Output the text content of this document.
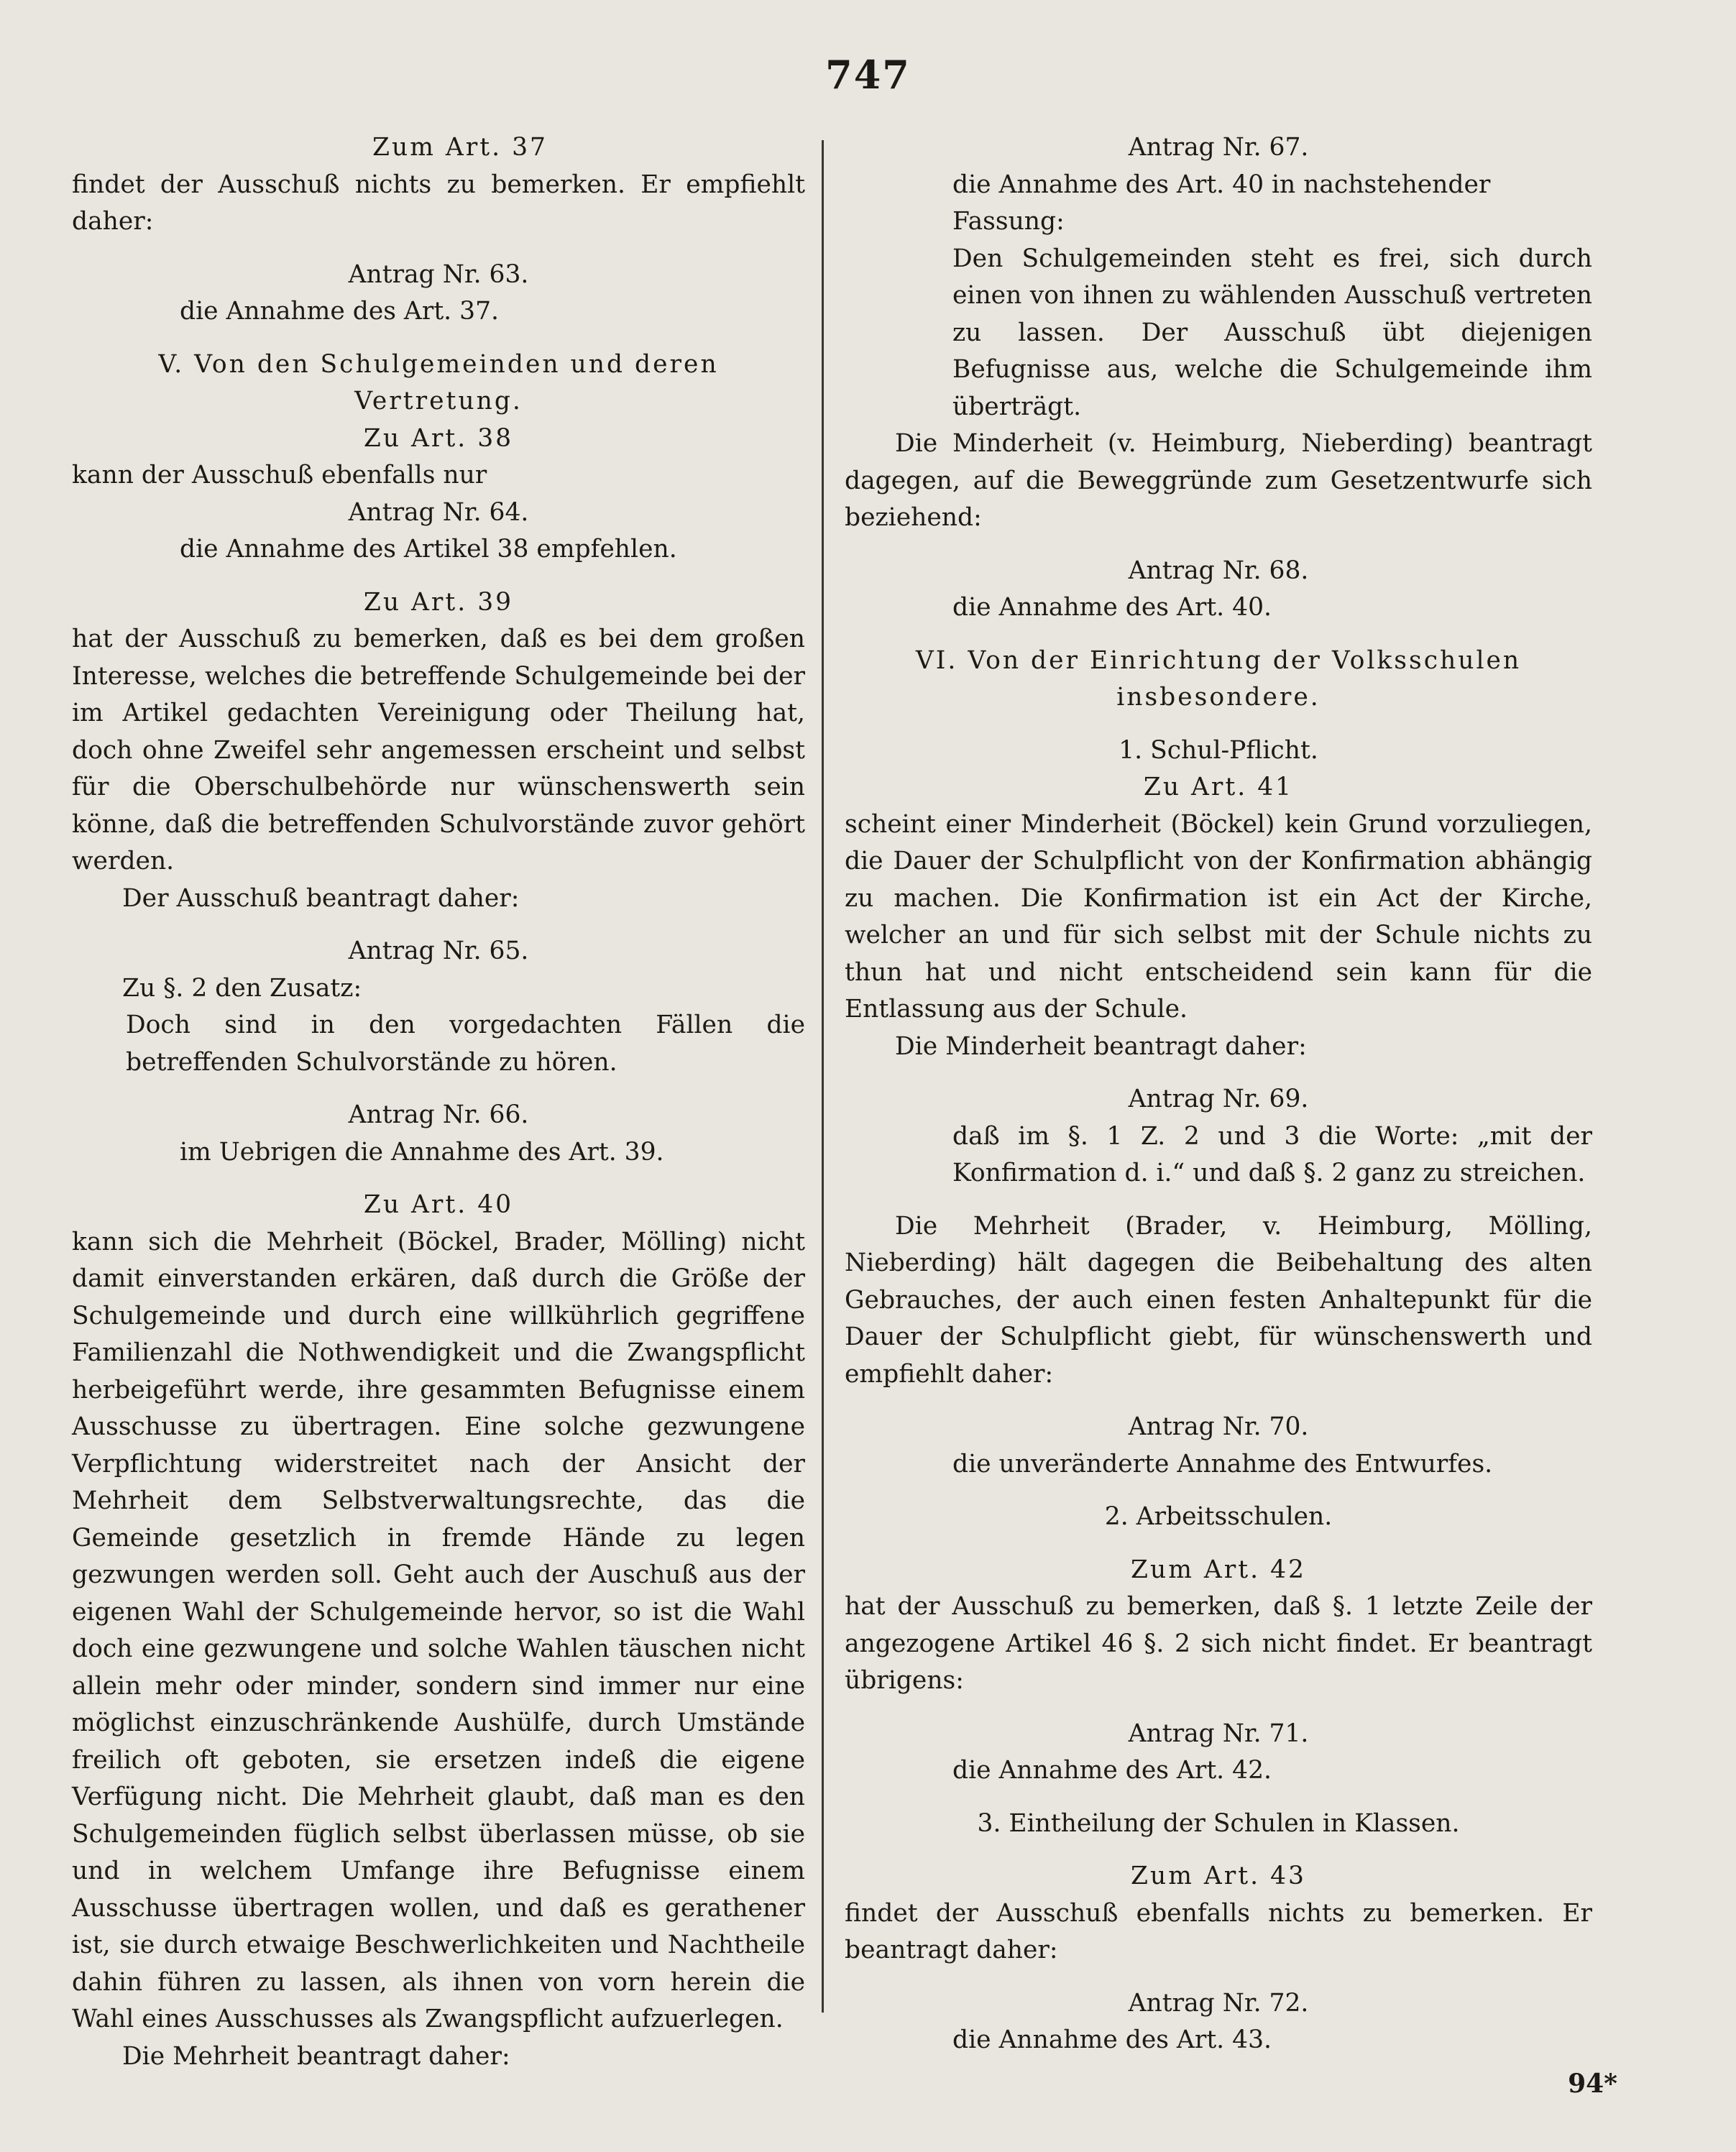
747

Zum Art. 37

findet der Ausschuß nichts zu bemerken. Er empfiehlt daher:

Antrag Nr. 63.

die Annahme des Art. 37.

V. Von den Schulgemeinden und deren Vertretung.

Zu Art. 38

kann der Ausschuß ebenfalls nur

Antrag Nr. 64.

die Annahme des Artikel 38 empfehlen.

Zu Art. 39

hat der Ausschuß zu bemerken, daß es bei dem großen Interesse, welches die betreffende Schulgemeinde bei der im Artikel gedachten Vereinigung oder Theilung hat, doch ohne Zweifel sehr angemessen erscheint und selbst für die Oberschulbehörde nur wünschenswerth sein könne, daß die betreffenden Schulvorstände zuvor gehört werden.

Der Ausschuß beantragt daher:

Antrag Nr. 65.

Zu §. 2 den Zusatz:

Doch sind in den vorgedachten Fällen die betreffenden Schulvorstände zu hören.

Antrag Nr. 66.

im Uebrigen die Annahme des Art. 39.

Zu Art. 40

kann sich die Mehrheit (Böckel, Brader, Mölling) nicht damit einverstanden erkären, daß durch die Größe der Schulgemeinde und durch eine willkührlich gegriffene Familienzahl die Nothwendigkeit und die Zwangspflicht herbeigeführt werde, ihre gesammten Befugnisse einem Ausschusse zu übertragen. Eine solche gezwungene Verpflichtung widerstreitet nach der Ansicht der Mehrheit dem Selbstverwaltungsrechte, das die Gemeinde gesetzlich in fremde Hände zu legen gezwungen werden soll. Geht auch der Auschuß aus der eigenen Wahl der Schulgemeinde hervor, so ist die Wahl doch eine gezwungene und solche Wahlen täuschen nicht allein mehr oder minder, sondern sind immer nur eine möglichst einzuschränkende Aushülfe, durch Umstände freilich oft geboten, sie ersetzen indeß die eigene Verfügung nicht. Die Mehrheit glaubt, daß man es den Schulgemeinden füglich selbst überlassen müsse, ob sie und in welchem Umfange ihre Befugnisse einem Ausschusse übertragen wollen, und daß es gerathener ist, sie durch etwaige Beschwerlichkeiten und Nachtheile dahin führen zu lassen, als ihnen von vorn herein die Wahl eines Ausschusses als Zwangspflicht aufzuerlegen.

Die Mehrheit beantragt daher:

Antrag Nr. 67.

die Annahme des Art. 40 in nachstehender Fassung:

Den Schulgemeinden steht es frei, sich durch einen von ihnen zu wählenden Ausschuß vertreten zu lassen. Der Ausschuß übt diejenigen Befugnisse aus, welche die Schulgemeinde ihm überträgt.

Die Minderheit (v. Heimburg, Nieberding) beantragt dagegen, auf die Beweggründe zum Gesetzentwurfe sich beziehend:

Antrag Nr. 68.

die Annahme des Art. 40.

VI. Von der Einrichtung der Volksschulen insbesondere.

1. Schul-Pflicht.

Zu Art. 41

scheint einer Minderheit (Böckel) kein Grund vorzuliegen, die Dauer der Schulpflicht von der Konfirmation abhängig zu machen. Die Konfirmation ist ein Act der Kirche, welcher an und für sich selbst mit der Schule nichts zu thun hat und nicht entscheidend sein kann für die Entlassung aus der Schule.

Die Minderheit beantragt daher:

Antrag Nr. 69.

daß im §. 1 Z. 2 und 3 die Worte: „mit der Konfirmation d. i.“ und daß §. 2 ganz zu streichen.

Die Mehrheit (Brader, v. Heimburg, Mölling, Nieberding) hält dagegen die Beibehaltung des alten Gebrauches, der auch einen festen Anhaltepunkt für die Dauer der Schulpflicht giebt, für wünschenswerth und empfiehlt daher:

Antrag Nr. 70.

die unveränderte Annahme des Entwurfes.

2. Arbeitsschulen.

Zum Art. 42

hat der Ausschuß zu bemerken, daß §. 1 letzte Zeile der angezogene Artikel 46 §. 2 sich nicht findet. Er beantragt übrigens:

Antrag Nr. 71.

die Annahme des Art. 42.

3. Eintheilung der Schulen in Klassen.

Zum Art. 43

findet der Ausschuß ebenfalls nichts zu bemerken. Er beantragt daher:

Antrag Nr. 72.

die Annahme des Art. 43.

94*
